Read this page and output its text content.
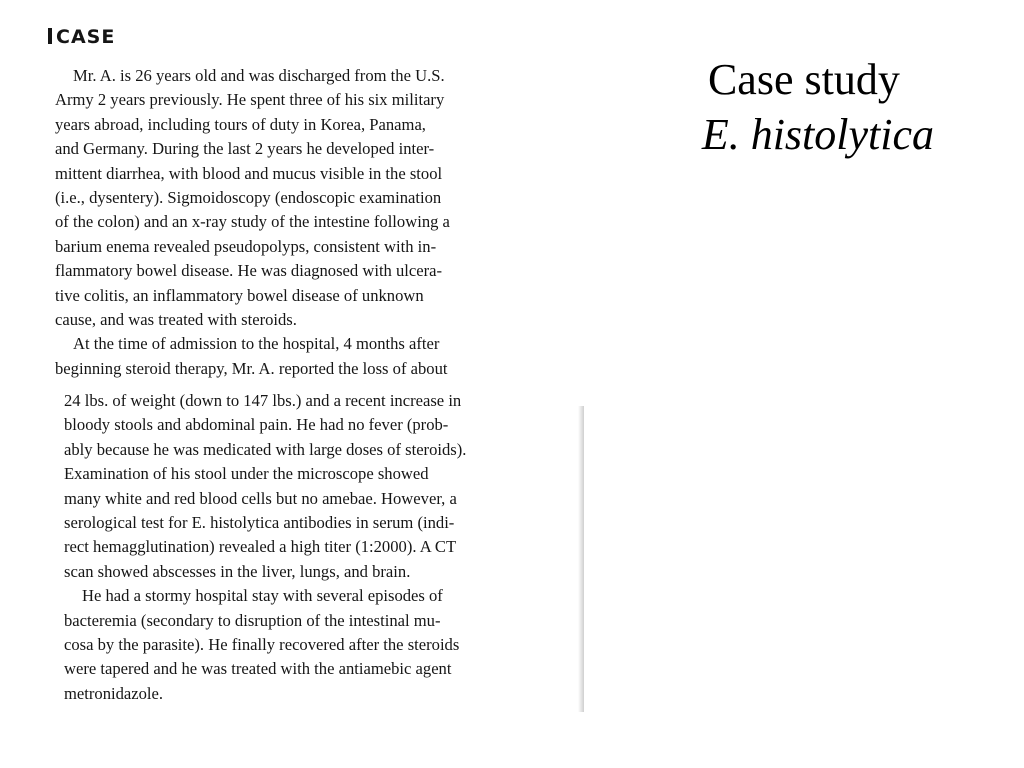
CASE
Mr. A. is 26 years old and was discharged from the U.S.
Army 2 years previously. He spent three of his six military
years abroad, including tours of duty in Korea, Panama,
and Germany. During the last 2 years he developed inter-
mittent diarrhea, with blood and mucus visible in the stool
(i.e., dysentery). Sigmoidoscopy (endoscopic examination
of the colon) and an x-ray study of the intestine following a
barium enema revealed pseudopolyps, consistent with in-
flammatory bowel disease. He was diagnosed with ulcera-
tive colitis, an inflammatory bowel disease of unknown
cause, and was treated with steroids.
At the time of admission to the hospital, 4 months after
beginning steroid therapy, Mr. A. reported the loss of about
24 lbs. of weight (down to 147 lbs.) and a recent increase in
bloody stools and abdominal pain. He had no fever (prob-
ably because he was medicated with large doses of steroids).
Examination of his stool under the microscope showed
many white and red blood cells but no amebae. However, a
serological test for E. histolytica antibodies in serum (indi-
rect hemagglutination) revealed a high titer (1:2000). A CT
scan showed abscesses in the liver, lungs, and brain.
He had a stormy hospital stay with several episodes of
bacteremia (secondary to disruption of the intestinal mu-
cosa by the parasite). He finally recovered after the steroids
were tapered and he was treated with the antiamebic agent
metronidazole.
Case study
E. histolytica
